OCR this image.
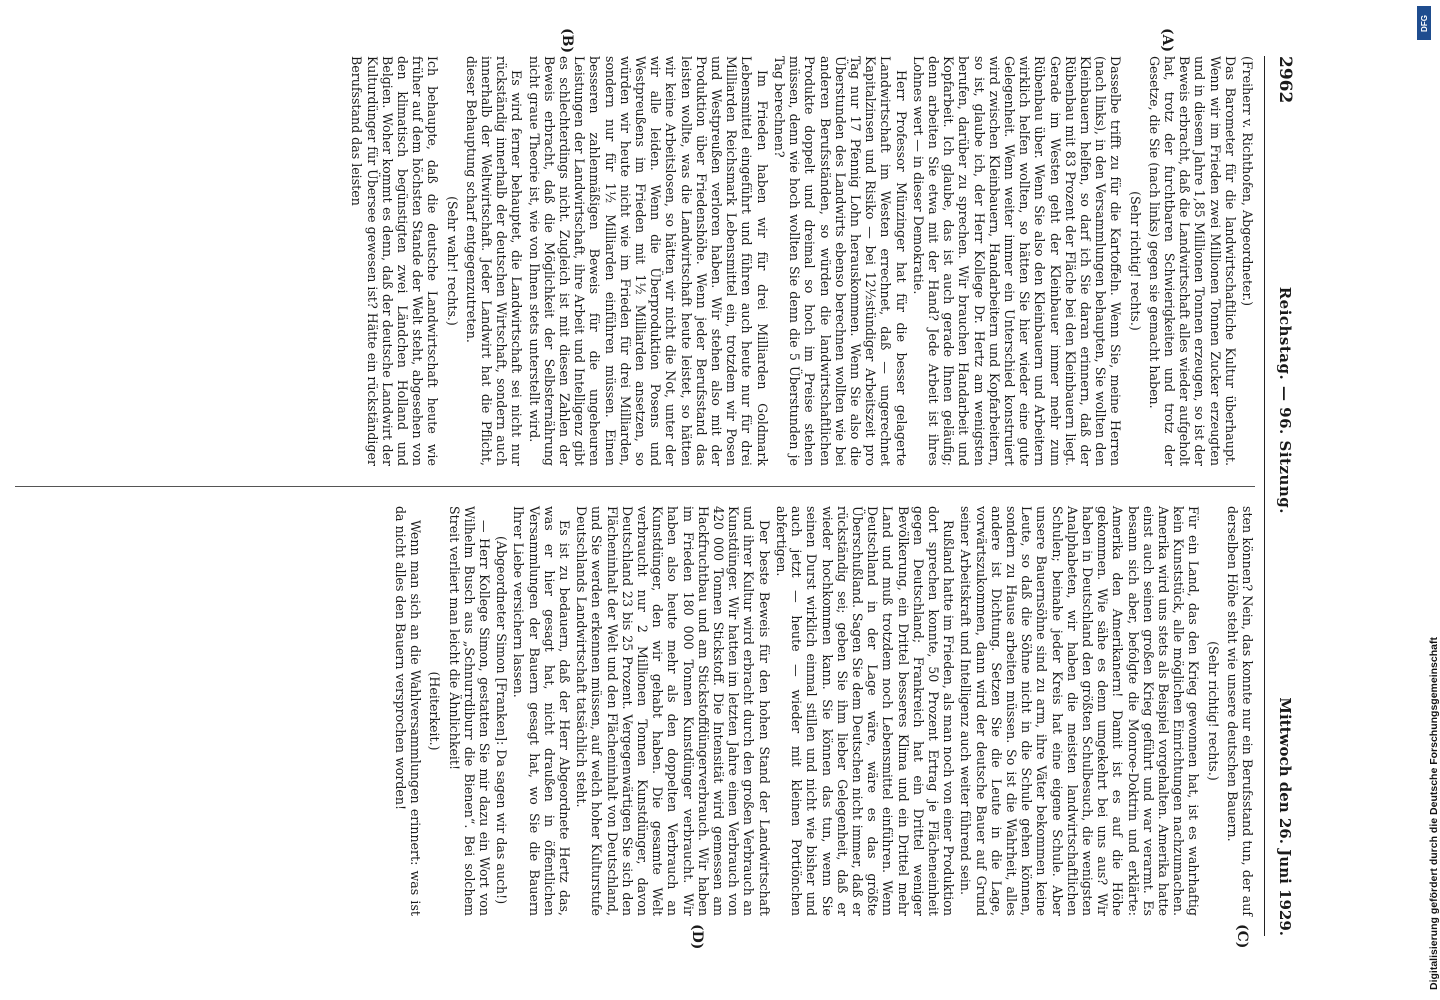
2962
Reichstag. — 96. Sitzung.
Mittwoch den 26. Juni 1929.

(Freiherr v. Richthofen, Abgeordneter.)

Das Barometer für die landwirtschaftliche Kultur überhaupt. Wenn wir im Frieden zwei Millionen Tonnen Zucker erzeugten und in diesem Jahre 1,85 Millionen Tonnen erzeugen, so ist der Beweis erbracht, daß die Landwirtschaft alles wieder aufgeholt hat, trotz der furchtbaren Schwierigkeiten und trotz der Gesetze, die Sie (nach links) gegen sie gemacht haben.

(Sehr richtig! rechts.)

Dasselbe trifft zu für die Kartoffeln. Wenn Sie, meine Herren (nach links), in den Versammlungen behaupten, Sie wollten den Kleinbauern helfen, so darf ich Sie daran erinnern, daß der Rübenbau mit 83 Prozent der Fläche bei den Kleinbauern liegt. Gerade im Westen geht der Kleinbauer immer mehr zum Rübenbau über. Wenn Sie also den Kleinbauern und Arbeitern wirklich helfen wollten, so hätten Sie hier wieder eine gute Gelegenheit. Wenn weiter immer ein Unterschied konstruiert wird zwischen Kleinbauern, Handarbeitern und Kopfarbeitern, so ist, glaube ich, der Herr Kollege Dr. Hertz am wenigsten berufen, darüber zu sprechen. Wir brauchen Handarbeit und Kopfarbeit. Ich glaube, das ist auch gerade Ihnen geläufig; denn arbeiten Sie etwa mit der Hand? Jede Arbeit ist ihres Lohnes wert — in dieser Demokratie.

Herr Professor Münzinger hat für die besser gelagerte Landwirtschaft im Westen errechnet, daß — ungerechnet Kapitalzinsen und Risiko — bei 12½stündiger Arbeitszeit pro Tag nur 17 Pfennig Lohn herauskommen. Wenn Sie also die Überstunden des Landwirts ebenso berechnen wollten wie bei anderen Berufsständen, so würden die landwirtschaftlichen Produkte doppelt und dreimal so hoch im Preise stehen müssen, denn wie hoch wollten Sie denn die 5 Überstunden je Tag berechnen?

Im Frieden haben wir für drei Milliarden Goldmark Lebensmittel eingeführt und führen auch heute nur für drei Milliarden Reichsmark Lebensmittel ein, trotzdem wir Posen und Westpreußen verloren haben. Wir stehen also mit der Produktion über Friedenshöhe. Wenn jeder Berufsstand das leisten wollte, was die Landwirtschaft heute leistet, so hätten wir keine Arbeitslosen, so hätten wir nicht die Not, unter der wir alle leiden. Wenn die Überproduktion Posens und Westpreußens im Frieden mit 1½ Milliarden ansetzen, so würden wir heute nicht wie im Frieden für drei Milliarden, sondern nur für 1½ Milliarden einführen müssen. Einen besseren zahlenmäßigen Beweis für die ungeheuren Leistungen der Landwirtschaft, ihre Arbeit und Intelligenz gibt es schlechterdings nicht. Zugleich ist mit diesen Zahlen der Beweis erbracht, daß die Möglichkeit der Selbsternährung nicht graue Theorie ist, wie von Ihnen stets unterstellt wird.

Es wird ferner behauptet, die Landwirtschaft sei nicht nur rückständig innerhalb der deutschen Wirtschaft, sondern auch innerhalb der Weltwirtschaft. Jeder Landwirt hat die Pflicht, dieser Behauptung scharf entgegenzutreten.

(Sehr wahr! rechts.)

Ich behaupte, daß die deutsche Landwirtschaft heute wie früher auf dem höchsten Stande der Welt steht, abgesehen von den klimatisch begünstigten zwei Ländchen Holland und Belgien. Woher kommt es denn, daß der deutsche Landwirt der Kulturdünger für Übersee gewesen ist? Hätte ein rückständiger Berufsstand das leisten

sten können? Nein, das konnte nur ein Berufsstand tun, der auf derselben Höhe steht wie unsere deutschen Bauern.

(Sehr richtig! rechts.)

Für ein Land, das den Krieg gewonnen hat, ist es wahrhaftig kein Kunststück, alle möglichen Einrichtungen nachzumachen. Amerika wird uns stets als Beispiel vorgehalten. Amerika hatte einst auch seinen großen Krieg geführt und war verarmt. Es besann sich aber, befolgte die Monroe-Doktrin und erklärte: Amerika den Amerikanern! Damit ist es auf die Höhe gekommen. Wie sähe es denn umgekehrt bei uns aus? Wir haben in Deutschland den größten Schulbesuch, die wenigsten Analphabeten, wir haben die meisten landwirtschaftlichen Schulen; beinahe jeder Kreis hat eine eigene Schule. Aber unsere Bauernsöhne sind zu arm, ihre Väter bekommen keine Leute, so daß die Söhne nicht in die Schule gehen können, sondern zu Hause arbeiten müssen. So ist die Wahrheit, alles andere ist Dichtung. Setzen Sie die Leute in die Lage, vorwärtszukommen, dann wird der deutsche Bauer auf Grund seiner Arbeitskraft und Intelligenz auch weiter führend sein.

Rußland hatte im Frieden, als man noch von einer Produktion dort sprechen konnte, 50 Prozent Ertrag je Flächeneinheit gegen Deutschland; Frankreich hat ein Drittel weniger Bevölkerung, ein Drittel besseres Klima und ein Drittel mehr Land und muß trotzdem noch Lebensmittel einführen. Wenn Deutschland in der Lage wäre, wäre es das größte Überschußland. Sagen Sie dem Deutschen nicht immer, daß er rückständig sei; geben Sie ihm lieber Gelegenheit, daß er wieder hochkommen kann. Sie können das tun, wenn Sie seinen Durst wirklich einmal stillen und nicht wie bisher und auch jetzt — heute — wieder mit kleinen Portiönchen abfertigen.

Der beste Beweis für den hohen Stand der Landwirtschaft und ihrer Kultur wird erbracht durch den großen Verbrauch an Kunstdünger. Wir hatten im letzten Jahre einen Verbrauch von 420 000 Tonnen Stickstoff. Die Intensität wird gemessen am Hackfruchtbau und am Stickstoffdüngerverbrauch. Wir haben im Frieden 180 000 Tonnen Kunstdünger verbraucht. Wir haben also heute mehr als den doppelten Verbrauch an Kunstdünger, den wir gehabt haben. Die gesamte Welt verbraucht nur 2 Millionen Tonnen Kunstdünger, davon Deutschland 23 bis 25 Prozent. Vergegenwärtigen Sie sich den Flächeninhalt der Welt und den Flächeninhalt von Deutschland, und Sie werden erkennen müssen, auf welch hoher Kulturstufe Deutschlands Landwirtschaft tatsächlich steht.

Es ist zu bedauern, daß der Herr Abgeordnete Hertz das, was er hier gesagt hat, nicht draußen in öffentlichen Versammlungen der Bauern gesagt hat, wo Sie die Bauern Ihrer Liebe versichern lassen.

(Abgeordneter Simon [Franken]: Da sagen wir das auch!)

— Herr Kollege Simon, gestatten Sie mir dazu ein Wort von Wilhelm Busch aus „Schnurrdiburr die Bienen“. Bei solchem Streit verliert man leicht die Ähnlichkeit!

(Heiterkeit.)

Wenn man sich an die Wahlversammlungen erinnert: was ist da nicht alles den Bauern versprochen worden!

(A)
(B)
(C)
(D)
DFG
Digitalisierung gefördert durch die Deutsche Forschungsgemeinschaft
